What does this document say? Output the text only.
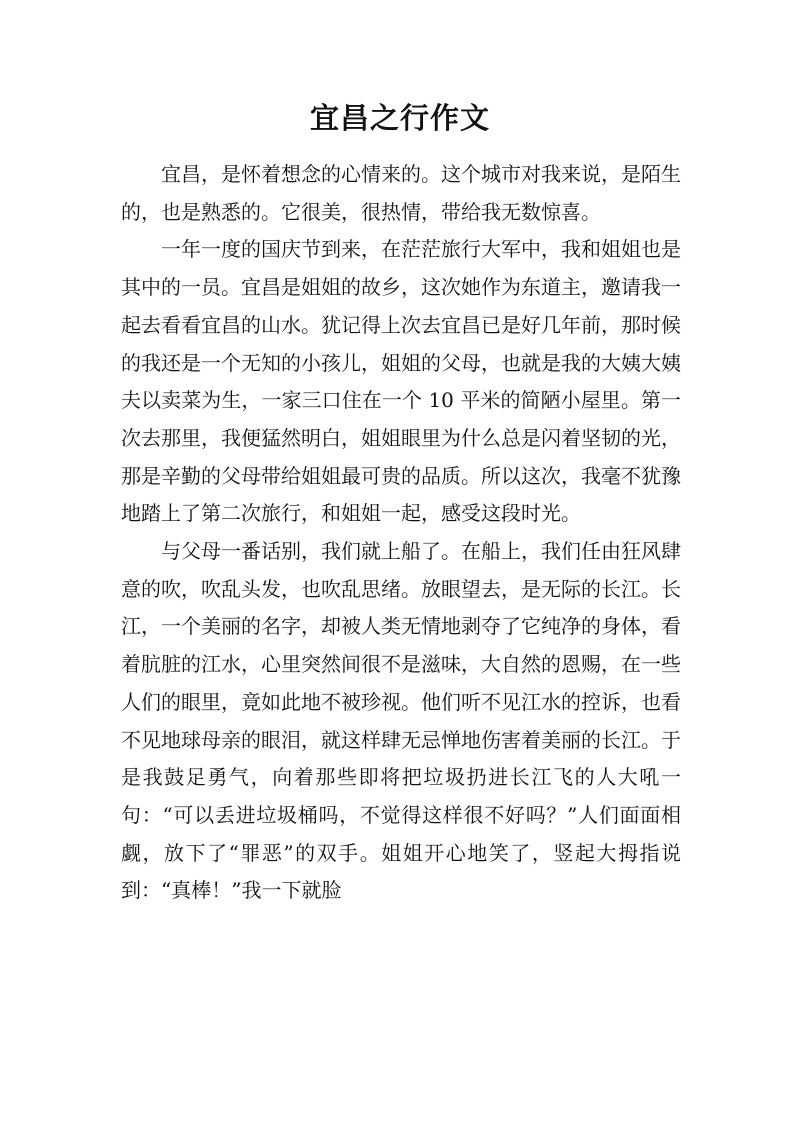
宜昌之行作文

宜昌，是怀着想念的心情来的。这个城市对我来说，是陌生的，也是熟悉的。它很美，很热情，带给我无数惊喜。

一年一度的国庆节到来，在茫茫旅行大军中，我和姐姐也是其中的一员。宜昌是姐姐的故乡，这次她作为东道主，邀请我一起去看看宜昌的山水。犹记得上次去宜昌已是好几年前，那时候的我还是一个无知的小孩儿，姐姐的父母，也就是我的大姨大姨夫以卖菜为生，一家三口住在一个 10 平米的简陋小屋里。第一次去那里，我便猛然明白，姐姐眼里为什么总是闪着坚韧的光，那是辛勤的父母带给姐姐最可贵的品质。所以这次，我毫不犹豫地踏上了第二次旅行，和姐姐一起，感受这段时光。

与父母一番话别，我们就上船了。在船上，我们任由狂风肆意的吹，吹乱头发，也吹乱思绪。放眼望去，是无际的长江。长江，一个美丽的名字，却被人类无情地剥夺了它纯净的身体，看着肮脏的江水，心里突然间很不是滋味，大自然的恩赐，在一些人们的眼里，竟如此地不被珍视。他们听不见江水的控诉，也看不见地球母亲的眼泪，就这样肆无忌惮地伤害着美丽的长江。于是我鼓足勇气，向着那些即将把垃圾扔进长江飞的人大吼一句：“可以丢进垃圾桶吗，不觉得这样很不好吗？”人们面面相觑，放下了“罪恶”的双手。姐姐开心地笑了，竖起大拇指说到：“真棒！”我一下就脸
